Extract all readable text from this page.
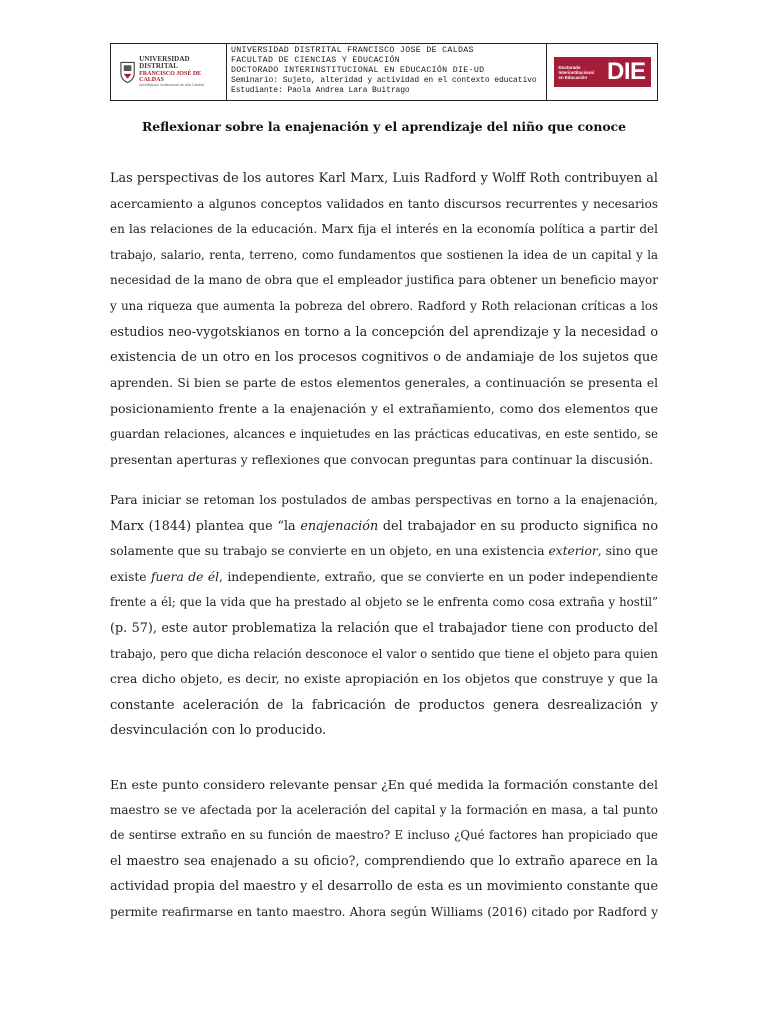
UNIVERSIDAD DISTRITAL
FRANCISCO JOSÉ DE CALDAS
Acreditación Institucional de Alta Calidad
UNIVERSIDAD DISTRITAL FRANCISCO JOSE DE CALDAS
FACULTAD DE CIENCIAS Y EDUCACIÓN
DOCTORADO INTERINSTITUCIONAL EN EDUCACIÓN DIE-UD
Seminario: Sujeto, alteridad y actividad en el contexto educativo
Estudiante: Paola Andrea Lara Buitrago
Doctorado
Interinstitucional
en Educación DIE
Reflexionar sobre la enajenación y el aprendizaje del niño que conoce
Las perspectivas de los autores Karl Marx, Luis Radford y Wolff Roth contribuyen al
acercamiento a algunos conceptos validados en tanto discursos recurrentes y necesarios
en las relaciones de la educación. Marx fija el interés en la economía política a partir del
trabajo, salario, renta, terreno, como fundamentos que sostienen la idea de un capital y la
necesidad de la mano de obra que el empleador justifica para obtener un beneficio mayor
y una riqueza que aumenta la pobreza del obrero. Radford y Roth relacionan críticas a los
estudios neo-vygotskianos en torno a la concepción del aprendizaje y la necesidad o
existencia de un otro en los procesos cognitivos o de andamiaje de los sujetos que
aprenden. Si bien se parte de estos elementos generales, a continuación se presenta el
posicionamiento frente a la enajenación y el extrañamiento, como dos elementos que
guardan relaciones, alcances e inquietudes en las prácticas educativas, en este sentido, se
presentan aperturas y reflexiones que convocan preguntas para continuar la discusión.
Para iniciar se retoman los postulados de ambas perspectivas en torno a la enajenación,
Marx (1844) plantea que “la enajenación del trabajador en su producto significa no
solamente que su trabajo se convierte en un objeto, en una existencia exterior, sino que
existe fuera de él, independiente, extraño, que se convierte en un poder independiente
frente a él; que la vida que ha prestado al objeto se le enfrenta como cosa extraña y hostil”
(p. 57), este autor problematiza la relación que el trabajador tiene con producto del
trabajo, pero que dicha relación desconoce el valor o sentido que tiene el objeto para quien
crea dicho objeto, es decir, no existe apropiación en los objetos que construye y que la
constante aceleración de la fabricación de productos genera desrealización y
desvinculación con lo producido.
En este punto considero relevante pensar ¿En qué medida la formación constante del
maestro se ve afectada por la aceleración del capital y la formación en masa, a tal punto
de sentirse extraño en su función de maestro? E incluso ¿Qué factores han propiciado que
el maestro sea enajenado a su oficio?, comprendiendo que lo extraño aparece en la
actividad propia del maestro y el desarrollo de esta es un movimiento constante que
permite reafirmarse en tanto maestro. Ahora según Williams (2016) citado por Radford y
